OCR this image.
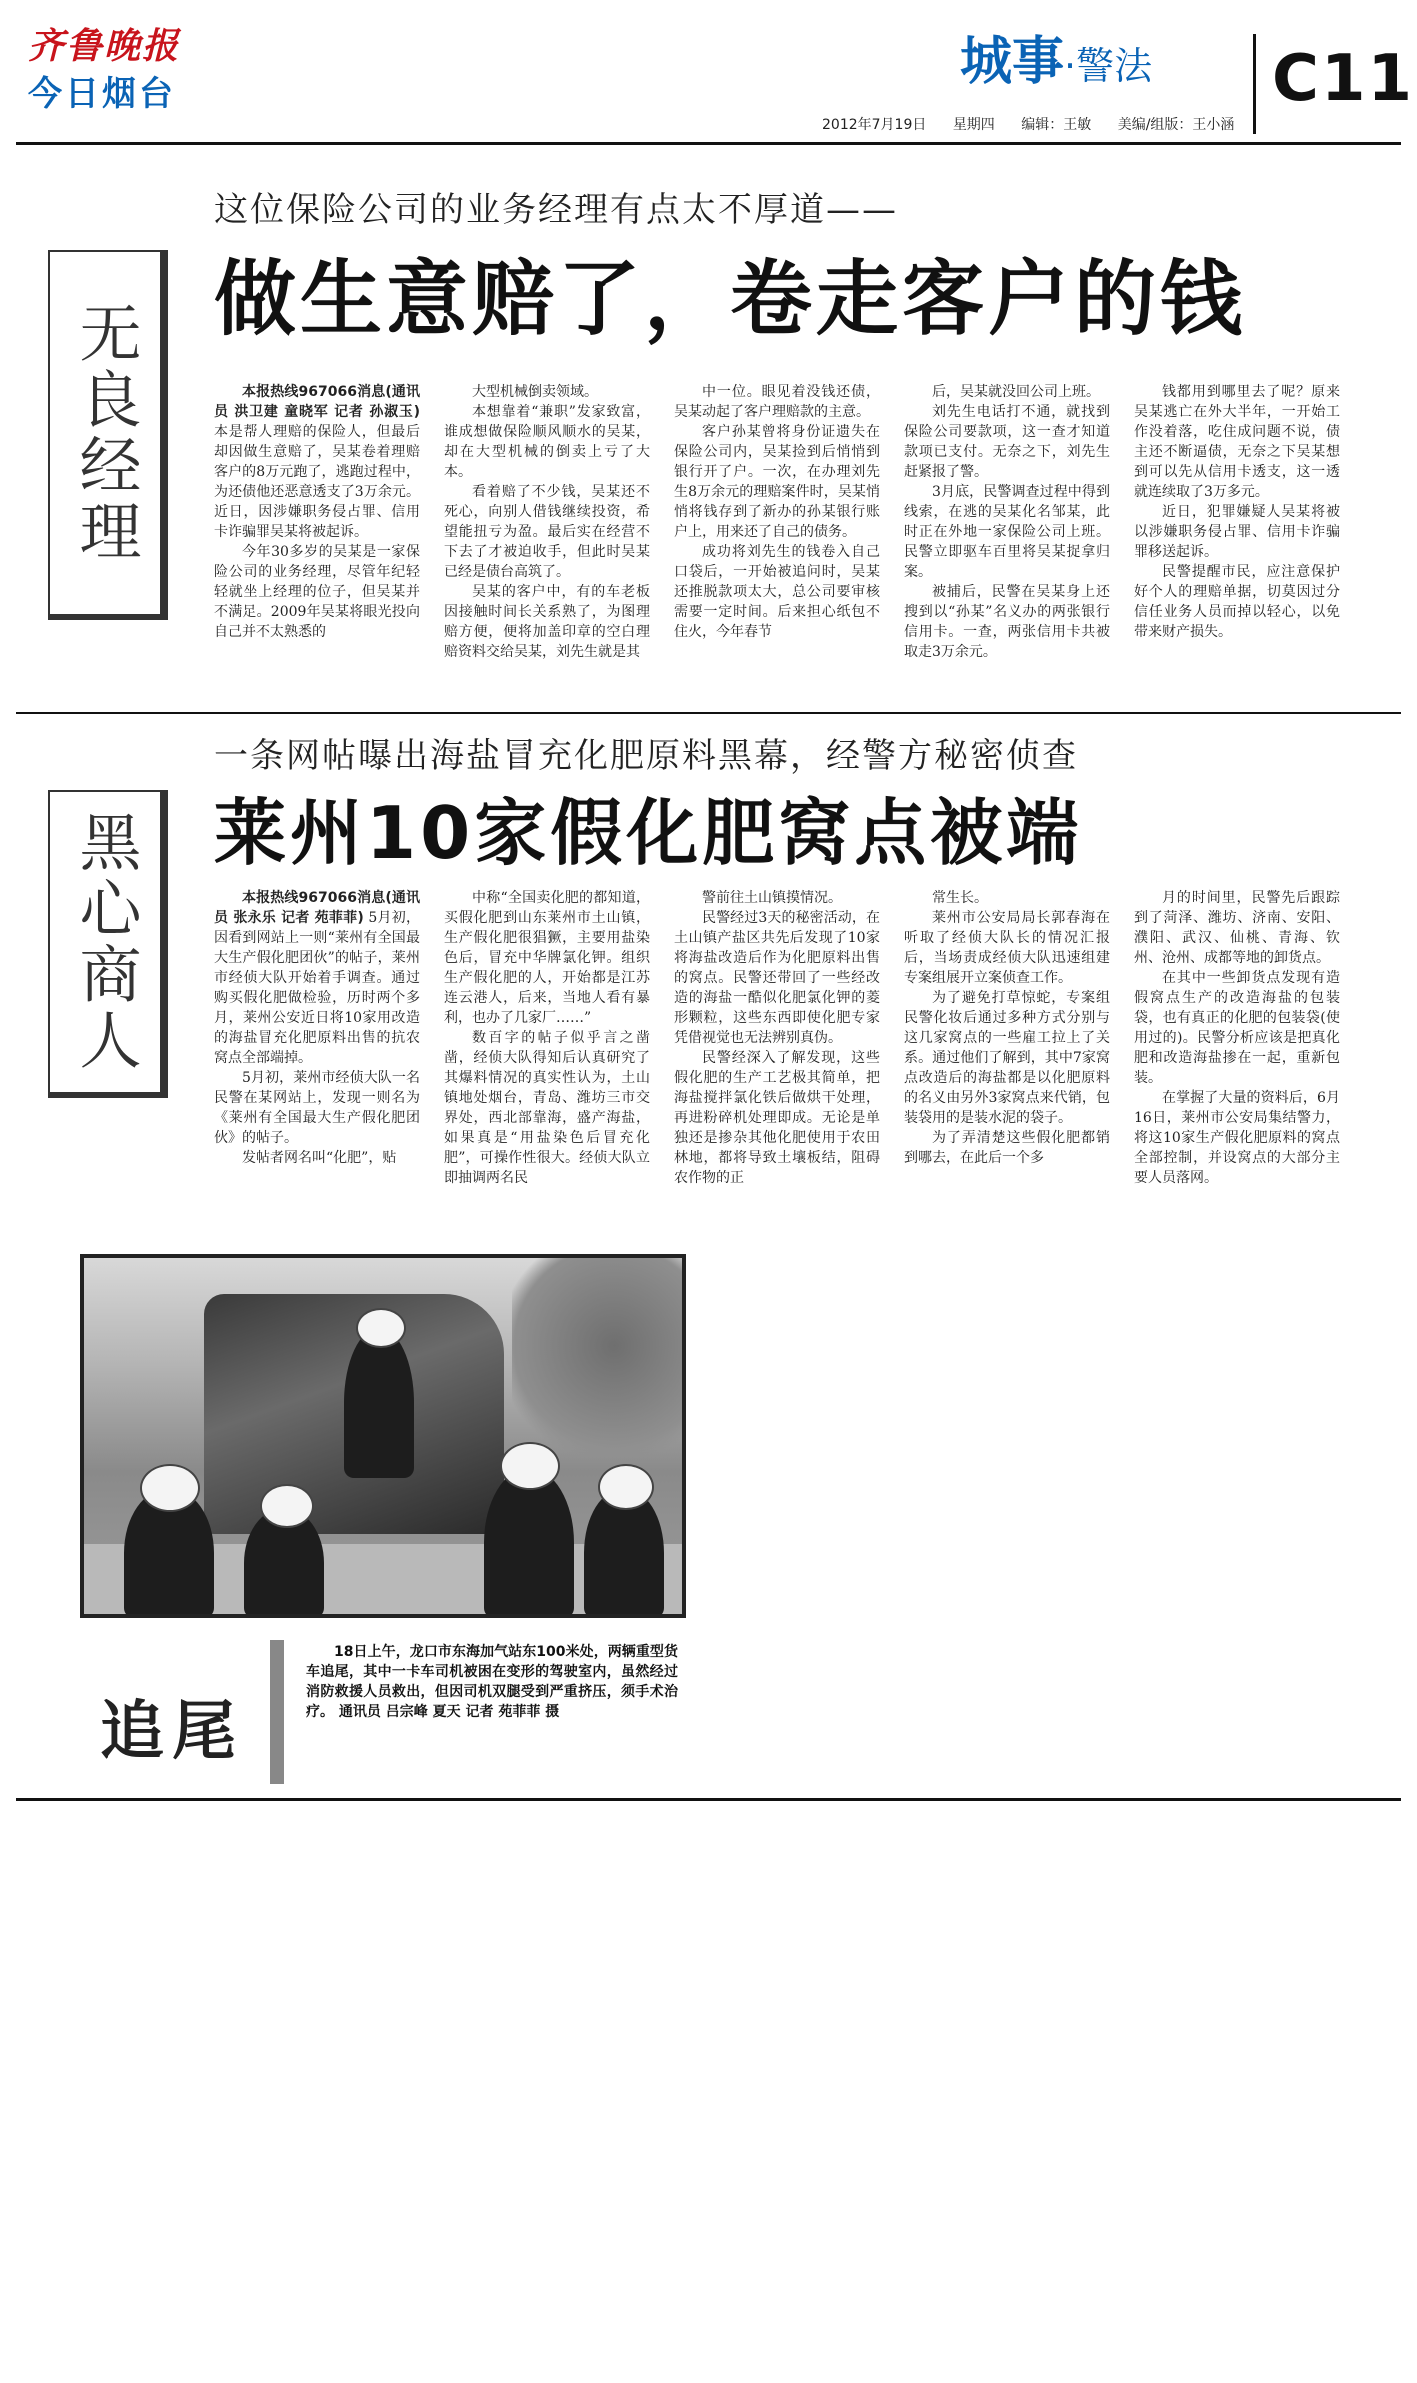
齐鲁晚报
今日烟台
城事·警法 C11
2012年7月19日 星期四 编辑：王敏 美编/组版：王小涵
无良经理
这位保险公司的业务经理有点太不厚道——
做生意赔了，卷走客户的钱

本报热线967066消息(通讯员 洪卫建 童晓军 记者 孙淑玉) 本是帮人理赔的保险人，但最后却因做生意赔了，吴某卷着理赔客户的8万元跑了，逃跑过程中，为还债他还恶意透支了3万余元。近日，因涉嫌职务侵占罪、信用卡诈骗罪吴某将被起诉。

今年30多岁的吴某是一家保险公司的业务经理，尽管年纪轻轻就坐上经理的位子，但吴某并不满足。2009年吴某将眼光投向自己并不太熟悉的

大型机械倒卖领域。

本想靠着“兼职”发家致富，谁成想做保险顺风顺水的吴某，却在大型机械的倒卖上亏了大本。

看着赔了不少钱，吴某还不死心，向别人借钱继续投资，希望能扭亏为盈。最后实在经营不下去了才被迫收手，但此时吴某已经是债台高筑了。

吴某的客户中，有的车老板因接触时间长关系熟了，为图理赔方便，便将加盖印章的空白理赔资料交给吴某，刘先生就是其

中一位。眼见着没钱还债，吴某动起了客户理赔款的主意。

客户孙某曾将身份证遗失在保险公司内，吴某捡到后悄悄到银行开了户。一次，在办理刘先生8万余元的理赔案件时，吴某悄悄将钱存到了新办的孙某银行账户上，用来还了自己的债务。

成功将刘先生的钱卷入自己口袋后，一开始被追问时，吴某还推脱款项太大，总公司要审核需要一定时间。后来担心纸包不住火，今年春节

后，吴某就没回公司上班。

刘先生电话打不通，就找到保险公司要款项，这一查才知道款项已支付。无奈之下，刘先生赶紧报了警。

3月底，民警调查过程中得到线索，在逃的吴某化名邹某，此时正在外地一家保险公司上班。民警立即驱车百里将吴某捉拿归案。

被捕后，民警在吴某身上还搜到以“孙某”名义办的两张银行信用卡。一查，两张信用卡共被取走3万余元。

钱都用到哪里去了呢？原来吴某逃亡在外大半年，一开始工作没着落，吃住成问题不说，债主还不断逼债，无奈之下吴某想到可以先从信用卡透支，这一透就连续取了3万多元。

近日，犯罪嫌疑人吴某将被以涉嫌职务侵占罪、信用卡诈骗罪移送起诉。

民警提醒市民，应注意保护好个人的理赔单据，切莫因过分信任业务人员而掉以轻心，以免带来财产损失。

黑心商人
一条网帖曝出海盐冒充化肥原料黑幕，经警方秘密侦查
莱州10家假化肥窝点被端

本报热线967066消息(通讯员 张永乐 记者 苑菲菲) 5月初，因看到网站上一则“莱州有全国最大生产假化肥团伙”的帖子，莱州市经侦大队开始着手调查。通过购买假化肥做检验，历时两个多月，莱州公安近日将10家用改造的海盐冒充化肥原料出售的抗农窝点全部端掉。

5月初，莱州市经侦大队一名民警在某网站上，发现一则名为《莱州有全国最大生产假化肥团伙》的帖子。

发帖者网名叫“化肥”，贴

中称“全国卖化肥的都知道，买假化肥到山东莱州市土山镇，生产假化肥很猖獗，主要用盐染色后，冒充中华牌氯化钾。组织生产假化肥的人，开始都是江苏连云港人，后来，当地人看有暴利，也办了几家厂……”

数百字的帖子似乎言之凿凿，经侦大队得知后认真研究了其爆料情况的真实性认为，土山镇地处烟台，青岛、潍坊三市交界处，西北部靠海，盛产海盐，如果真是“用盐染色后冒充化肥”，可操作性很大。经侦大队立即抽调两名民

警前往土山镇摸情况。

民警经过3天的秘密活动，在土山镇产盐区共先后发现了10家将海盐改造后作为化肥原料出售的窝点。民警还带回了一些经改造的海盐一酷似化肥氯化钾的菱形颗粒，这些东西即使化肥专家凭借视觉也无法辨别真伪。

民警经深入了解发现，这些假化肥的生产工艺极其简单，把海盐搅拌氯化铁后做烘干处理，再进粉碎机处理即成。无论是单独还是掺杂其他化肥使用于农田林地，都将导致土壤板结，阻碍农作物的正

常生长。

莱州市公安局局长郭春海在听取了经侦大队长的情况汇报后，当场责成经侦大队迅速组建专案组展开立案侦查工作。

为了避免打草惊蛇，专案组民警化妆后通过多种方式分别与这几家窝点的一些雇工拉上了关系。通过他们了解到，其中7家窝点改造后的海盐都是以化肥原料的名义由另外3家窝点来代销，包装袋用的是装水泥的袋子。

为了弄清楚这些假化肥都销到哪去，在此后一个多

月的时间里，民警先后跟踪到了菏泽、潍坊、济南、安阳、濮阳、武汉、仙桃、青海、钦州、沧州、成都等地的卸货点。

在其中一些卸货点发现有造假窝点生产的改造海盐的包装袋，也有真正的化肥的包装袋(使用过的)。民警分析应该是把真化肥和改造海盐掺在一起，重新包装。

在掌握了大量的资料后，6月16日，莱州市公安局集结警力，将这10家生产假化肥原料的窝点全部控制，并设窝点的大部分主要人员落网。

追尾
18日上午，龙口市东海加气站东100米处，两辆重型货车追尾，其中一卡车司机被困在变形的驾驶室内，虽然经过消防救援人员救出，但因司机双腿受到严重挤压，须手术治疗。 通讯员 吕宗峰 夏天 记者 苑菲菲 摄
